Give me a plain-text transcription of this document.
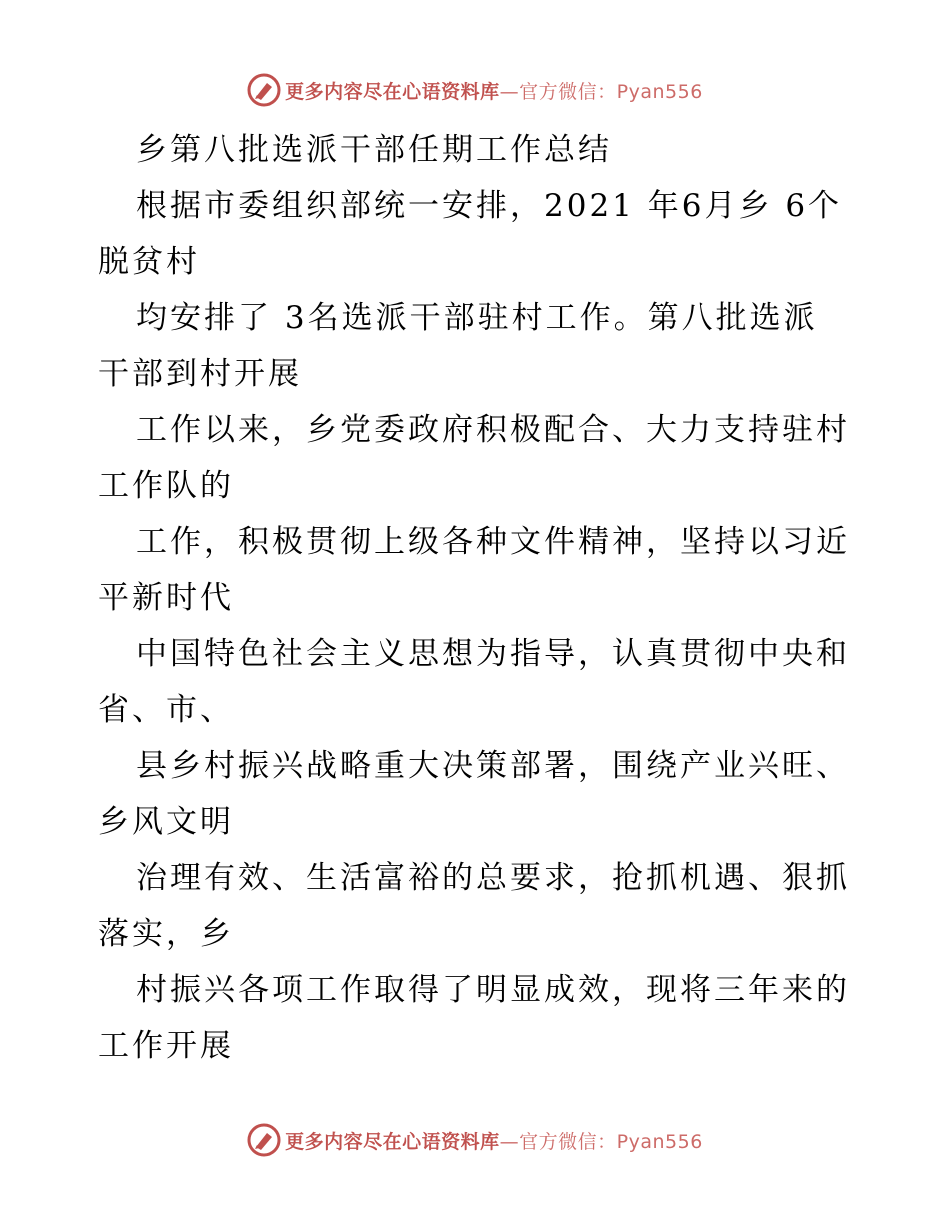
更多内容尽在心语资料库—官方微信：Pyan556
乡第八批选派干部任期工作总结
根据市委组织部统一安排，2021 年6月乡 6个
脱贫村
均安排了 3名选派干部驻村工作。第八批选派
干部到村开展
工作以来，乡党委政府积极配合、大力支持驻村
工作队的
工作，积极贯彻上级各种文件精神，坚持以习近
平新时代
中国特色社会主义思想为指导，认真贯彻中央和
省、市、
县乡村振兴战略重大决策部署，围绕产业兴旺、
乡风文明
治理有效、生活富裕的总要求，抢抓机遇、狠抓
落实，乡
村振兴各项工作取得了明显成效，现将三年来的
工作开展
更多内容尽在心语资料库—官方微信：Pyan556
